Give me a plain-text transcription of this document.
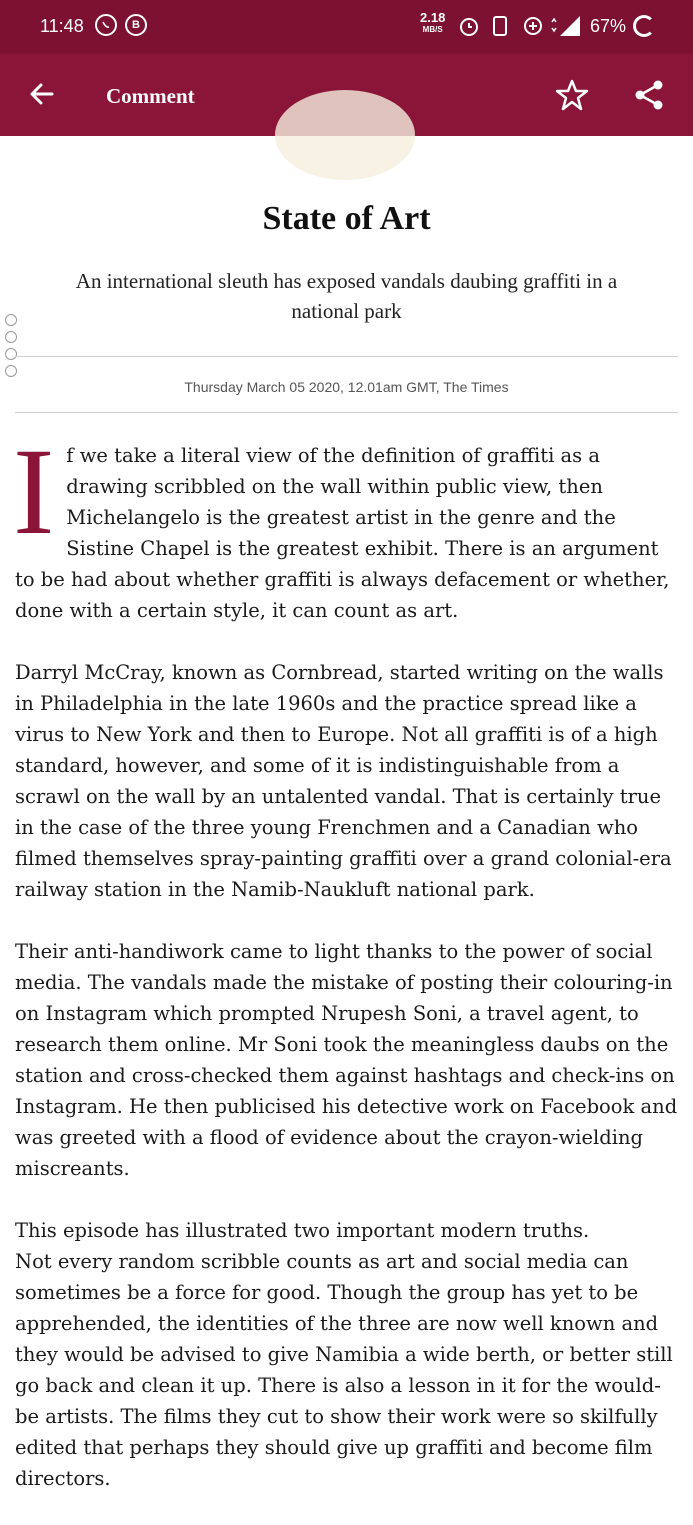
11:48	B	2.18
MB/S	67%
Comment
State of Art
An international sleuth has exposed vandals daubing graffiti in a national park
Thursday March 05 2020, 12.01am GMT, The Times

I f we take a literal view of the definition of graffiti as a drawing scribbled on the wall within public view, then Michelangelo is the greatest artist in the genre and the Sistine Chapel is the greatest exhibit. There is an argument to be had about whether graffiti is always defacement or whether, done with a certain style, it can count as art.

Darryl McCray, known as Cornbread, started writing on the walls in Philadelphia in the late 1960s and the practice spread like a virus to New York and then to Europe. Not all graffiti is of a high standard, however, and some of it is indistinguishable from a scrawl on the wall by an untalented vandal. That is certainly true in the case of the three young Frenchmen and a Canadian who filmed themselves spray-painting graffiti over a grand colonial-era railway station in the Namib-Naukluft national park.

Their anti-handiwork came to light thanks to the power of social media. The vandals made the mistake of posting their colouring-in on Instagram which prompted Nrupesh Soni, a travel agent, to research them online. Mr Soni took the meaningless daubs on the station and cross-checked them against hashtags and check-ins on Instagram. He then publicised his detective work on Facebook and was greeted with a flood of evidence about the crayon-wielding miscreants.

This episode has illustrated two important modern truths.
Not every random scribble counts as art and social media can sometimes be a force for good. Though the group has yet to be apprehended, the identities of the three are now well known and they would be advised to give Namibia a wide berth, or better still go back and clean it up. There is also a lesson in it for the would-be artists. The films they cut to show their work were so skilfully edited that perhaps they should give up graffiti and become film directors.
